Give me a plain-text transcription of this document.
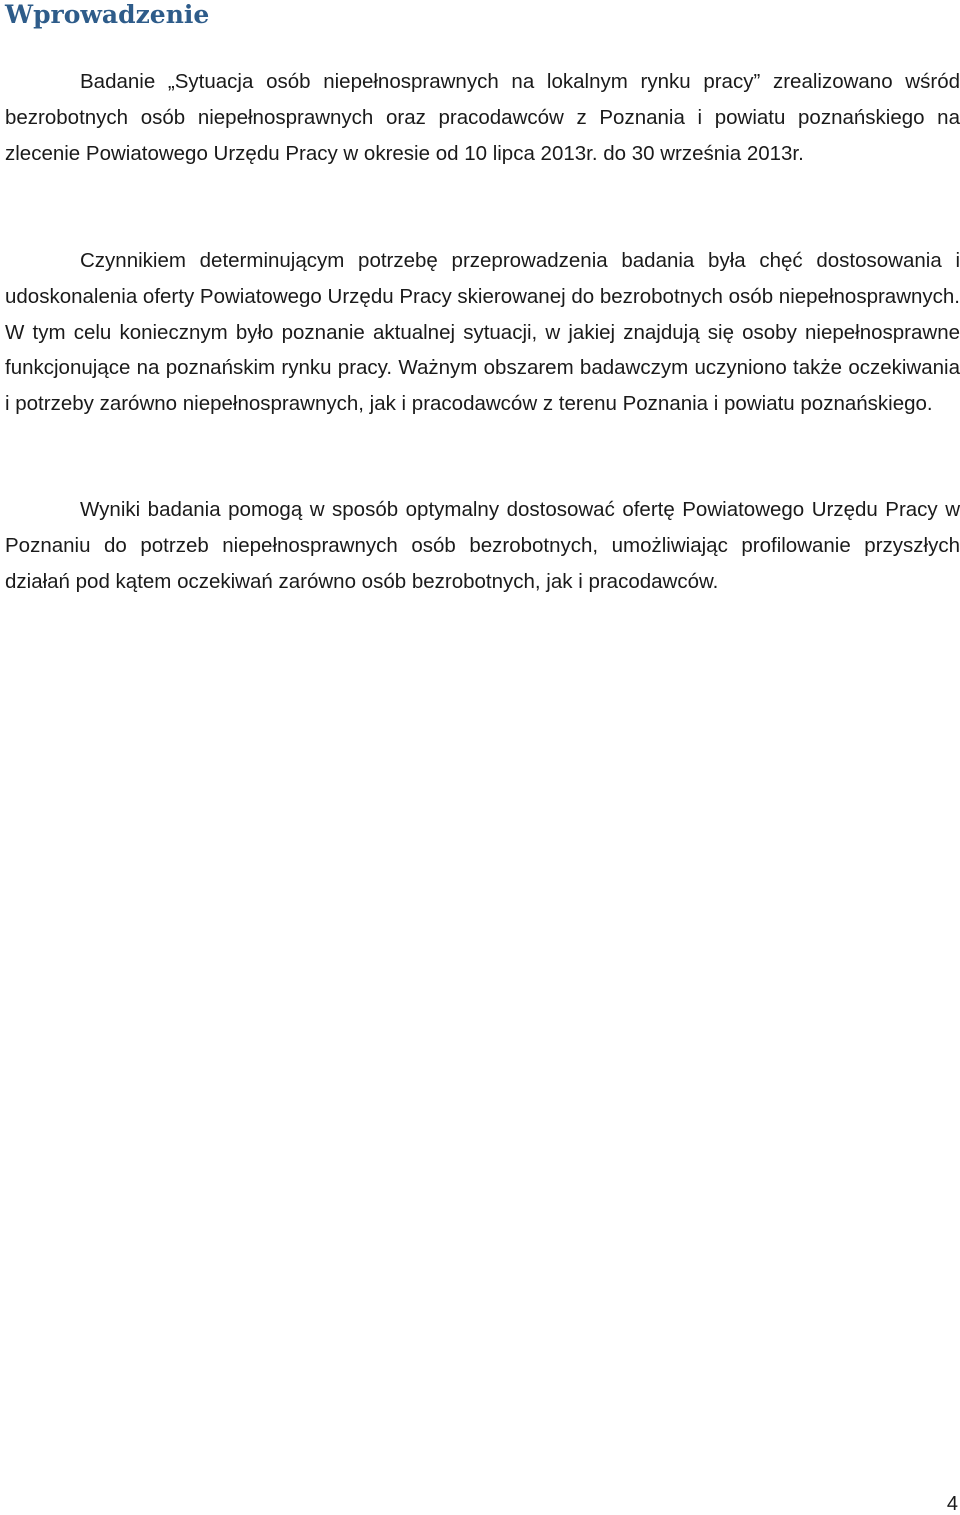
Wprowadzenie

Badanie „Sytuacja osób niepełnosprawnych na lokalnym rynku pracy” zrealizowano wśród bezrobotnych osób niepełnosprawnych oraz pracodawców z Poznania i powiatu poznańskiego na zlecenie Powiatowego Urzędu Pracy w okresie od 10 lipca 2013r. do 30 września 2013r.

Czynnikiem determinującym potrzebę przeprowadzenia badania była chęć dostosowania i udoskonalenia oferty Powiatowego Urzędu Pracy skierowanej do bezrobotnych osób niepełnosprawnych. W tym celu koniecznym było poznanie aktualnej sytuacji, w jakiej znajdują się osoby niepełnosprawne funkcjonujące na poznańskim rynku pracy. Ważnym obszarem badawczym uczyniono także oczekiwania i potrzeby zarówno niepełnosprawnych, jak i pracodawców z terenu Poznania i powiatu poznańskiego.

Wyniki badania pomogą w sposób optymalny dostosować ofertę Powiatowego Urzędu Pracy w Poznaniu do potrzeb niepełnosprawnych osób bezrobotnych, umożliwiając profilowanie przyszłych działań pod kątem oczekiwań zarówno osób bezrobotnych, jak i pracodawców.

4
